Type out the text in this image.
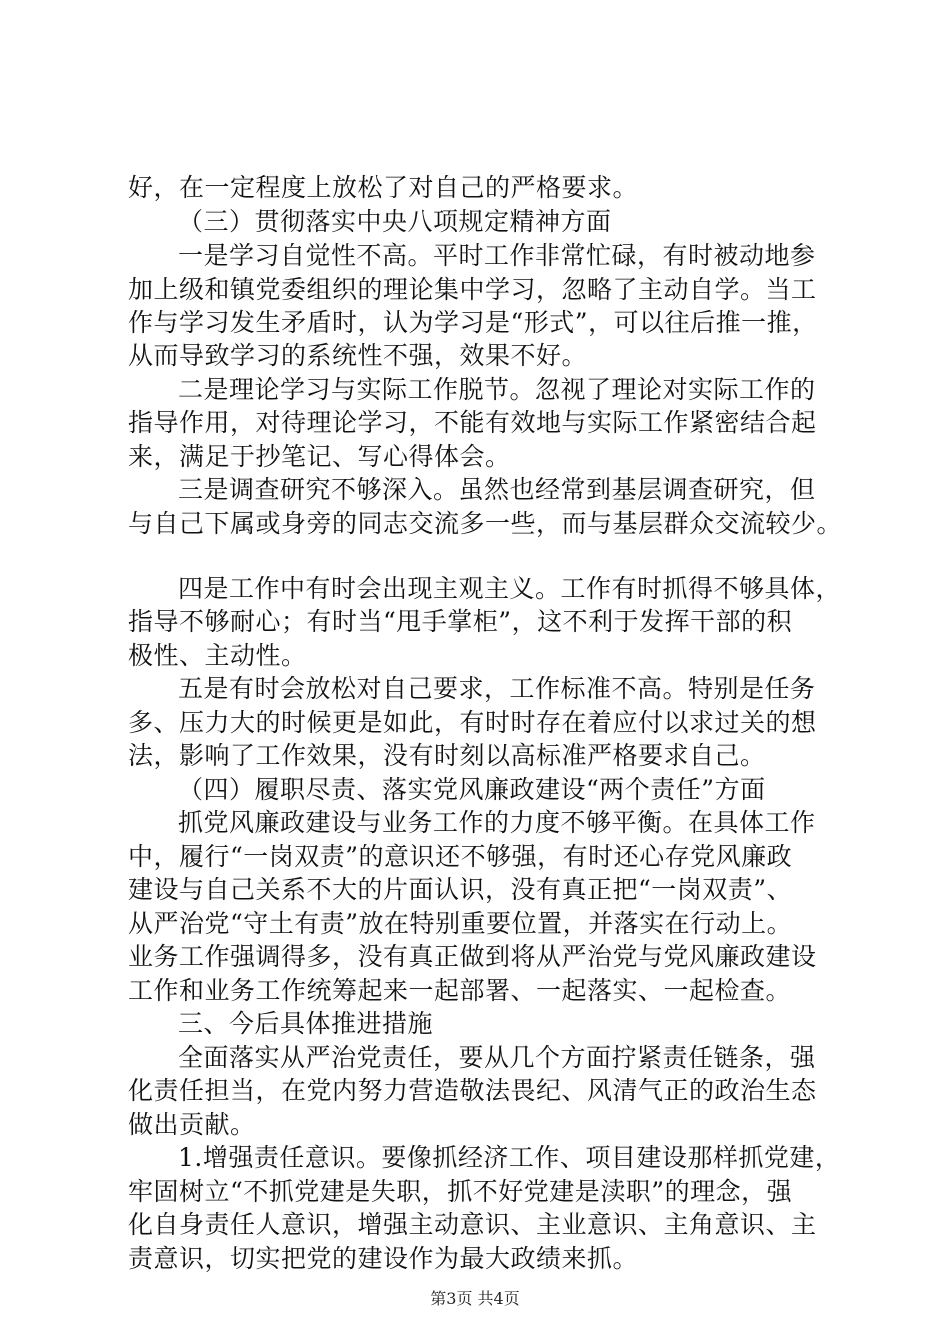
好，在一定程度上放松了对自己的严格要求。
（三）贯彻落实中央八项规定精神方面
一是学习自觉性不高。平时工作非常忙碌，有时被动地参
加上级和镇党委组织的理论集中学习，忽略了主动自学。当工
作与学习发生矛盾时，认为学习是“形式”，可以往后推一推，
从而导致学习的系统性不强，效果不好。
二是理论学习与实际工作脱节。忽视了理论对实际工作的
指导作用，对待理论学习，不能有效地与实际工作紧密结合起
来，满足于抄笔记、写心得体会。
三是调查研究不够深入。虽然也经常到基层调查研究，但
与自己下属或身旁的同志交流多一些，而与基层群众交流较少。
四是工作中有时会出现主观主义。工作有时抓得不够具体，
指导不够耐心；有时当“甩手掌柜”，这不利于发挥干部的积
极性、主动性。
五是有时会放松对自己要求，工作标准不高。特别是任务
多、压力大的时候更是如此，有时时存在着应付以求过关的想
法，影响了工作效果，没有时刻以高标准严格要求自己。
（四）履职尽责、落实党风廉政建设“两个责任”方面
抓党风廉政建设与业务工作的力度不够平衡。在具体工作
中，履行“一岗双责”的意识还不够强，有时还心存党风廉政
建设与自己关系不大的片面认识，没有真正把“一岗双责”、
从严治党“守土有责”放在特别重要位置，并落实在行动上。
业务工作强调得多，没有真正做到将从严治党与党风廉政建设
工作和业务工作统筹起来一起部署、一起落实、一起检查。
三、今后具体推进措施
全面落实从严治党责任，要从几个方面拧紧责任链条，强
化责任担当，在党内努力营造敬法畏纪、风清气正的政治生态
做出贡献。
1.增强责任意识。要像抓经济工作、项目建设那样抓党建，
牢固树立“不抓党建是失职，抓不好党建是渎职”的理念，强
化自身责任人意识，增强主动意识、主业意识、主角意识、主
责意识，切实把党的建设作为最大政绩来抓。
第3页 共4页
